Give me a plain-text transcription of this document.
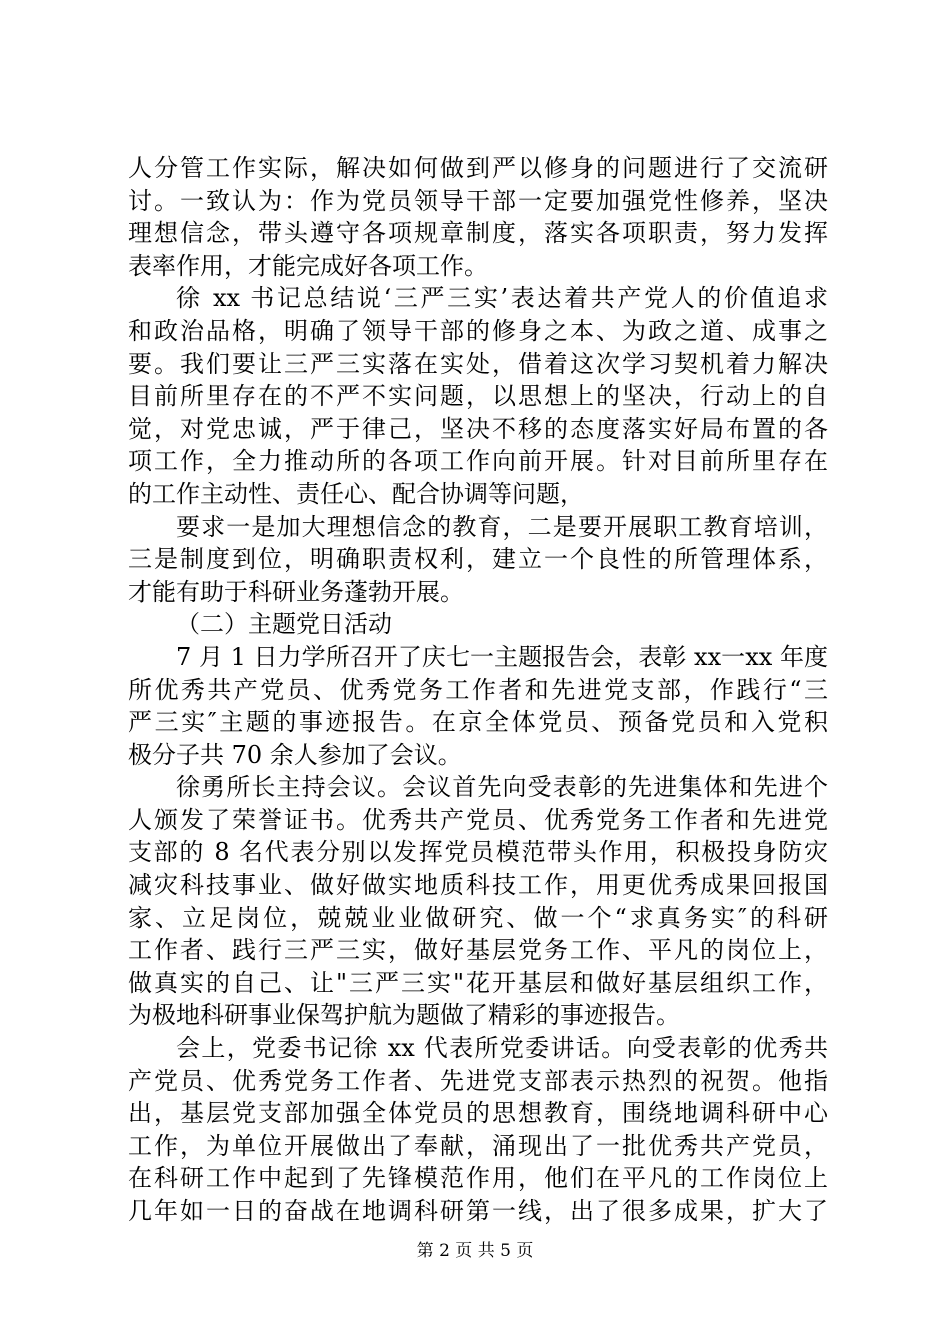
人分管工作实际，解决如何做到严以修身的问题进行了交流研
讨。一致认为：作为党员领导干部一定要加强党性修养，坚决
理想信念，带头遵守各项规章制度，落实各项职责，努力发挥
表率作用，才能完成好各项工作。
徐 xx 书记总结说‘三严三实’表达着共产党人的价值追求
和政治品格，明确了领导干部的修身之本、为政之道、成事之
要。我们要让三严三实落在实处，借着这次学习契机着力解决
目前所里存在的不严不实问题，以思想上的坚决，行动上的自
觉，对党忠诚，严于律己，坚决不移的态度落实好局布置的各
项工作，全力推动所的各项工作向前开展。针对目前所里存在
的工作主动性、责任心、配合协调等问题，
要求一是加大理想信念的教育，二是要开展职工教育培训，
三是制度到位，明确职责权利，建立一个良性的所管理体系，
才能有助于科研业务蓬勃开展。
（二）主题党日活动
7 月 1 日力学所召开了庆七一主题报告会，表彰 xx一xx 年度
所优秀共产党员、优秀党务工作者和先进党支部，作践行“三
严三实″主题的事迹报告。在京全体党员、预备党员和入党积
极分子共 70 余人参加了会议。
徐勇所长主持会议。会议首先向受表彰的先进集体和先进个
人颁发了荣誉证书。优秀共产党员、优秀党务工作者和先进党
支部的 8 名代表分别以发挥党员模范带头作用，积极投身防灾
减灾科技事业、做好做实地质科技工作，用更优秀成果回报国
家、立足岗位，兢兢业业做研究、做一个“求真务实″的科研
工作者、践行三严三实，做好基层党务工作、平凡的岗位上，
做真实的自己、让"三严三实"花开基层和做好基层组织工作，
为极地科研事业保驾护航为题做了精彩的事迹报告。
会上，党委书记徐 xx 代表所党委讲话。向受表彰的优秀共
产党员、优秀党务工作者、先进党支部表示热烈的祝贺。他指
出，基层党支部加强全体党员的思想教育，围绕地调科研中心
工作，为单位开展做出了奉献，涌现出了一批优秀共产党员，
在科研工作中起到了先锋模范作用，他们在平凡的工作岗位上
几年如一日的奋战在地调科研第一线，出了很多成果，扩大了
第 2 页 共 5 页
